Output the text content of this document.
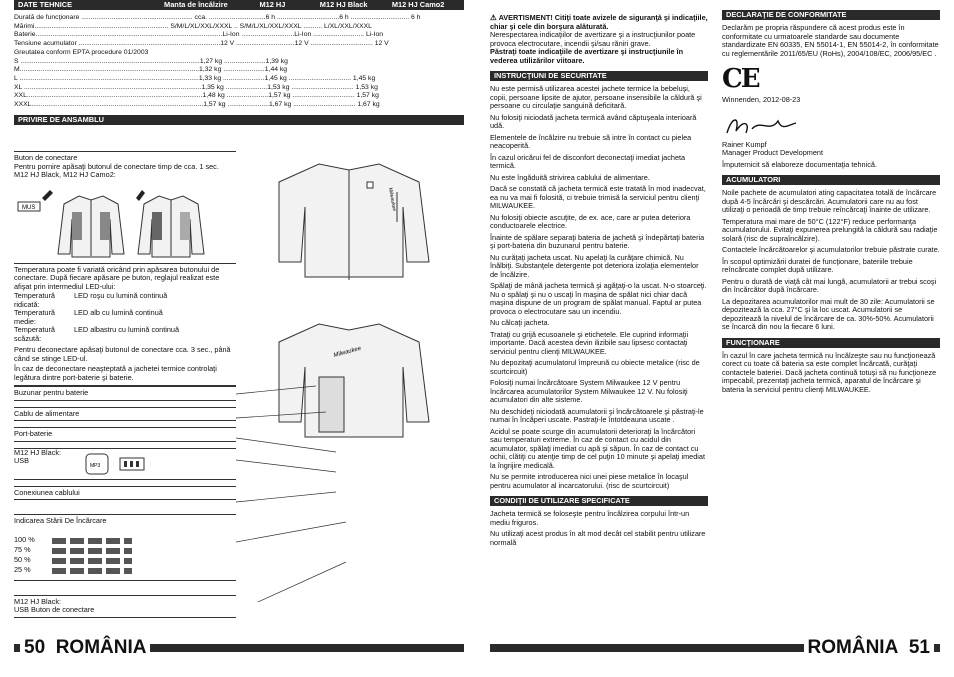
DATE TEHNICE	Manta de încălzire	M12 HJ	M12 HJ Black	M12 HJ Camo2
Durată de funcţionare ........................................................... cca. ..............................6 h .................................6 h ............................... 6 h
Mărimi....................................................................... S/M/L/XL/XXL/XXXL .. S/M/L/XL/XXL/XXXL .......... L/XL/XXL/XXXL
Baterie...................................................................................................Li-Ion ............................Li-Ion ........................... Li-Ion
Tensiune acumulator ...........................................................................12 V ...............................12 V ................................. 12 V
Greutatea conform EPTA procedure 01/2003
S ...............................................................................................1,27 kg ......................1,39 kg
M...............................................................................................1,32 kg ......................1,44 kg
L ...............................................................................................1,33 kg ......................1,45 kg ................................. 1,45 kg
XL ..............................................................................................1,35 kg ......................1,53 kg ................................. 1,53 kg
XXL.............................................................................................1,48 kg ......................1,57 kg ................................. 1,57 kg
XXXL...........................................................................................1,57 kg ......................1,67 kg ................................. 1,67 kg
PRIVIRE DE ANSAMBLU
Buton de conectare
Pentru pornire apăsaţi butonul de conectare timp de cca. 1 sec.
M12 HJ Black, M12 HJ Camo2:
MUS
Temperatura poate fi variată oricând prin apăsarea butonului de conectare. După fiecare apăsare pe buton, reglajul realizat este afişat prin intermediul LED-ului:
Temperatură ridicată:
LED roşu cu lumină continuă
Temperatură medie:
LED alb cu lumină continuă
Temperatură scăzută:
LED albastru cu lumină continuă
Pentru deconectare apăsaţi butonul de conectare cca. 3 sec., până când se stinge LED-ul.
În caz de deconectare neaşteptată a jachetei termice controlaţi legătura dintre port-baterie şi baterie.
Milwaukee
Milwaukee
Buzunar pentru baterie
Cablu de alimentare
Port-baterie
M12 HJ Black:
USB
MP3
Conexiunea cablului
Indicarea Stării De Încărcare
100 %
75 %
50 %
25 %
M12 HJ Black:
USB Buton de conectare
50 ROMÂNIA
⚠ AVERTISMENT! Citiţi toate avizele de siguranţă şi indicaţiile, chiar şi cele din borşura alăturată.
Nerespectarea indicaţiilor de avertizare şi a instrucţiunilor poate provoca electrocutare, incendii şi/sau răniri grave.
Păstraţi toate indicaţiile de avertizare şi instrucţiunile în vederea utilizărilor viitoare.
INSTRUCŢIUNI DE SECURITATE

Nu este permisă utilizarea acestei jachete termice la bebeluşi, copii, persoane lipsite de ajutor, persoane insensibile la căldură şi persoane cu circulaţie sanguină deficitară.

Nu folosiţi niciodată jacheta termică având căptuşeala interioară udă.

Elementele de încălzire nu trebuie să intre în contact cu pielea neacoperită.

În cazul oricărui fel de disconfort deconectaţi imediat jacheta termică.

Nu este îngăduită strivirea cablului de alimentare.

Dacă se constată că jacheta termică este tratată în mod inadecvat, ea nu va mai fi folosită, ci trebuie trimisă la serviciul pentru clienţi MILWAUKEE.

Nu folosiţi obiecte ascuţite, de ex. ace, care ar putea deteriora conductoarele electrice.

Înainte de spălare separaţi bateria de jachetă şi îndepărtaţi bateria şi port-bateria din buzunarul pentru baterie.

Nu curăţaţi jacheta uscat. Nu apelaţi la curăţare chimică. Nu înălbiţi. Substanţele detergente pot deteriora izolaţia elementelor de încălzire.

Spălaţi de mână jacheta termică şi agăţaţi-o la uscat. N-o stoarceţi. Nu o spălaţi şi nu o uscaţi în maşina de spălat nici chiar dacă maşina dispune de un program de spălat manual. Faptul ar putea provoca o electrocutare sau un incendiu.

Nu călcaţi jacheta.

Trataţi cu grijă ecusoanele şi etichetele. Ele cuprind informaţii importante. Dacă acestea devin ilizibile sau lipsesc contactaţi serviciul pentru clienţi MILWAUKEE.

Nu depozitaţi acumulatorul împreună cu obiecte metalice (risc de scurtcircuit)

Folosiţi numai încărcătoare System Milwaukee 12 V pentru încărcarea acumulatorilor System Milwaukee 12 V. Nu folosiţi acumulatori din alte sisteme.

Nu deschideţi niciodată acumulatorii şi încărcătoarele şi păstraţi-le numai în încăperi uscate. Pastraţi-le întotdeauna uscate .

Acidul se poate scurge din acumulatorii deterioraţi la încărcători sau temperaturi extreme. În caz de contact cu acidul din acumulator, spălaţi imediat cu apă şi săpun. În caz de contact cu ochii, clătiţi cu atenţie timp de cel puţin 10 minute şi apelaţi imediat la îngrijire medicală.

Nu se permite introducerea nici unei piese metalice în locaşul pentru acumulator al incarcatorului. (risc de scurtcircuit)

CONDIŢII DE UTILIZARE SPECIFICATE

Jacheta termică se foloseşte pentru încălzirea corpului într-un mediu friguros.

Nu utilizaţi acest produs în alt mod decât cel stabilit pentru utilizare normală

DECLARAŢIE DE CONFORMITATE
Declarăm pe propria răspundere că acest produs este în conformitate cu urmatoarele standarde sau documente standardizate EN 60335, EN 55014-1, EN 55014-2, în conformitate cu reglementările 2011/65/EU (RoHs), 2004/108/EC, 2006/95/EC .
CE
Winnenden, 2012-08-23
Rainer Kumpf
Manager Product Development
Împuternicit să elaboreze documentaţia tehnică.
ACUMULATORI

Noile pachete de acumulatori ating capacitatea totală de încărcare după 4-5 încărcări şi descărcări. Acumulatorii care nu au fost utilizaţi o perioadă de timp trebuie reîncărcaţi înainte de utilizare.

Temperatura mai mare de 50°C (122°F) reduce performanţa acumulatorului. Evitaţi expunerea prelungită la căldură sau radiaţie solară (risc de supraîncălzire).

Contactele încărcătoarelor şi acumulatorilor trebuie păstrate curate.

În scopul optimizării duratei de funcţionare, bateriile trebuie reîncărcate complet după utilizare.

Pentru o durată de viaţă cât mai lungă, acumulatorii ar trebui scoşi din încărcător după încărcare.

La depozitarea acumulatorilor mai mult de 30 zile: Acumulatorii se depozitează la cca. 27°C şi la loc uscat. Acumulatorii se depozitează la nivelul de încărcare de ca. 30%-50%. Acumulatorii se încarcă din nou la fiecare 6 luni.

FUNCŢIONARE
În cazul în care jacheta termică nu încălzeşte sau nu funcţionează corect cu toate că bateria sa este complet încărcată, curăţaţi contactele bateriei. Dacă jacheta continuă totuşi să nu funcţioneze impecabil, prezentaţi jacheta termică, aparatul de încărcare şi bateria la serviciul pentru clienţi MILWAUKEE.
ROMÂNIA 51
